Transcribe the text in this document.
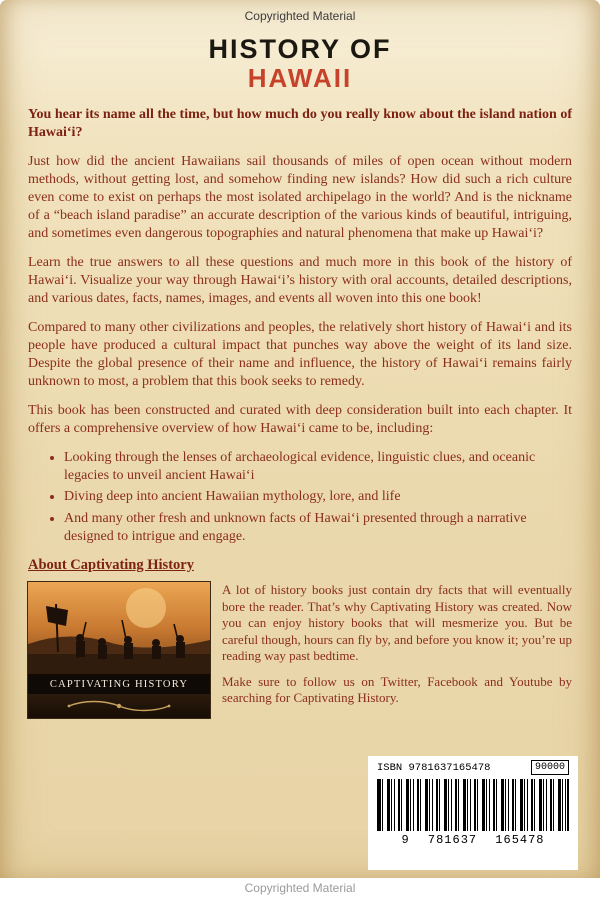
Copyrighted Material
HISTORY OF
HAWAII

You hear its name all the time, but how much do you really know about the island nation of Hawaiʻi?

Just how did the ancient Hawaiians sail thousands of miles of open ocean without modern methods, without getting lost, and somehow finding new islands? How did such a rich culture even come to exist on perhaps the most isolated archipelago in the world? And is the nickname of a “beach island paradise” an accurate description of the various kinds of beautiful, intriguing, and sometimes even dangerous topographies and natural phenomena that make up Hawaiʻi?

Learn the true answers to all these questions and much more in this book of the history of Hawaiʻi. Visualize your way through Hawaiʻi’s history with oral accounts, detailed descriptions, and various dates, facts, names, images, and events all woven into this one book!

Compared to many other civilizations and peoples, the relatively short history of Hawaiʻi and its people have produced a cultural impact that punches way above the weight of its land size. Despite the global presence of their name and influence, the history of Hawaiʻi remains fairly unknown to most, a problem that this book seeks to remedy.

This book has been constructed and curated with deep consideration built into each chapter. It offers a comprehensive overview of how Hawaiʻi came to be, including:

• Looking through the lenses of archaeological evidence, linguistic clues, and oceanic legacies to unveil ancient Hawaiʻi
• Diving deep into ancient Hawaiian mythology, lore, and life
• And many other fresh and unknown facts of Hawaiʻi presented through a narrative designed to intrigue and engage.
About Captivating History
CAPTIVATING HISTORY

A lot of history books just contain dry facts that will eventually bore the reader. That’s why Captivating History was created. Now you can enjoy history books that will mesmerize you. But be careful though, hours can fly by, and before you know it; you’re up reading way past bedtime.

Make sure to follow us on Twitter, Facebook and Youtube by searching for Captivating History.

ISBN 9781637165478	90000
9 781637 165478
Copyrighted Material
